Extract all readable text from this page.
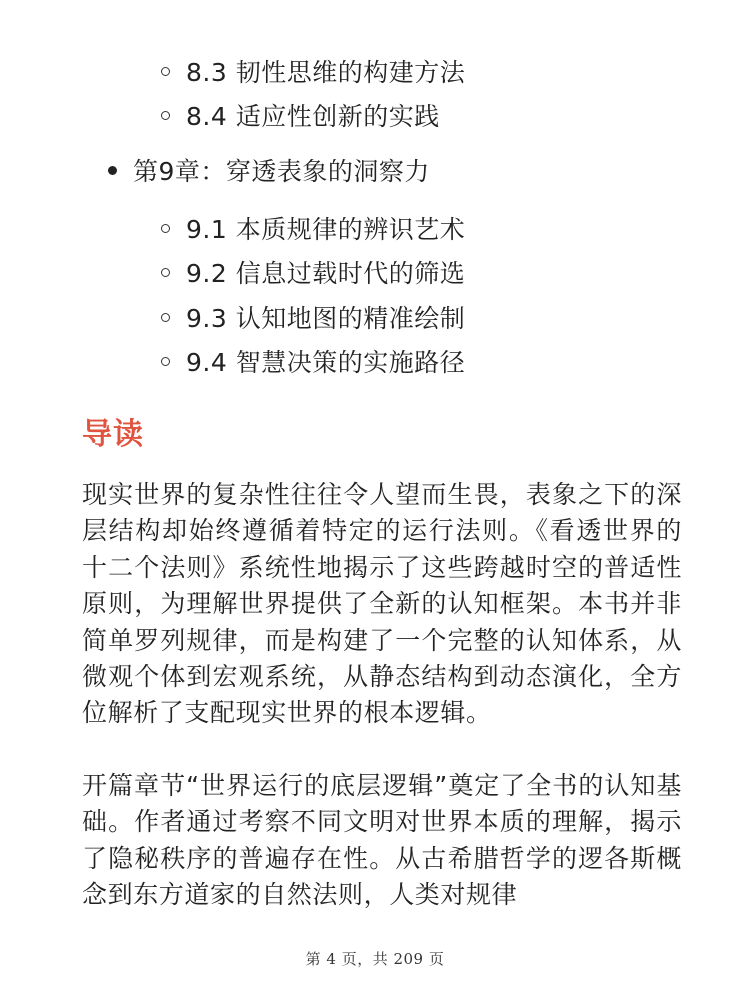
8.3 韧性思维的构建方法
8.4 适应性创新的实践
第9章：穿透表象的洞察力
9.1 本质规律的辨识艺术
9.2 信息过载时代的筛选
9.3 认知地图的精准绘制
9.4 智慧决策的实施路径
导读

现实世界的复杂性往往令人望而生畏，表象之下的深层结构却始终遵循着特定的运行法则。《看透世界的十二个法则》系统性地揭示了这些跨越时空的普适性原则，为理解世界提供了全新的认知框架。本书并非简单罗列规律，而是构建了一个完整的认知体系，从微观个体到宏观系统，从静态结构到动态演化，全方位解析了支配现实世界的根本逻辑。

开篇章节“世界运行的底层逻辑”奠定了全书的认知基础。作者通过考察不同文明对世界本质的理解，揭示了隐秘秩序的普遍存在性。从古希腊哲学的逻各斯概念到东方道家的自然法则，人类对规律

第 4 页，共 209 页
